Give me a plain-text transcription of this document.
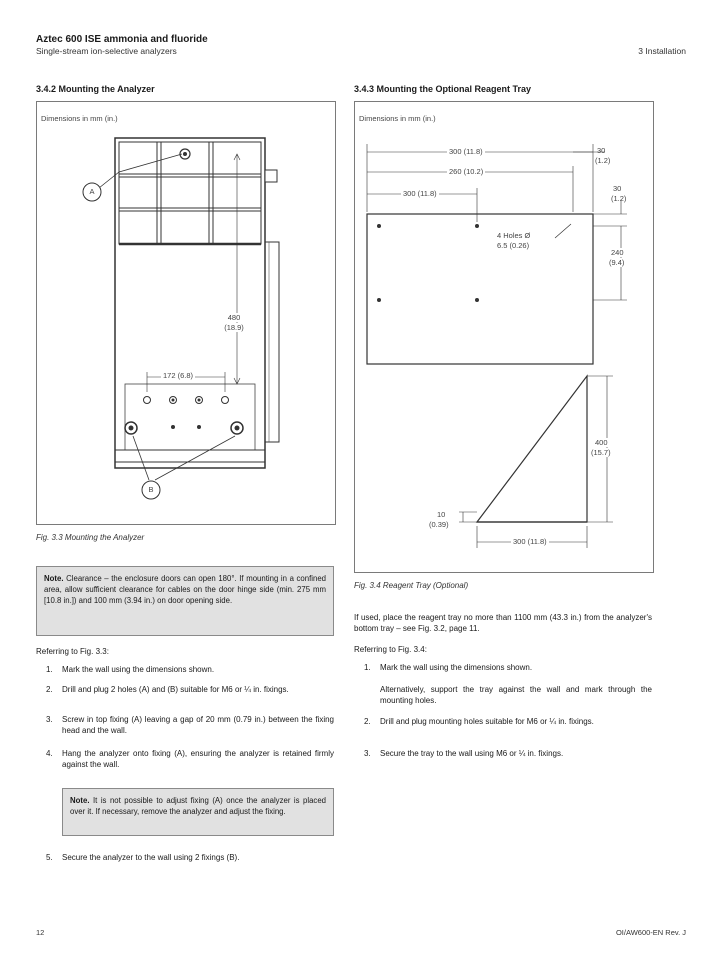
Aztec 600 ISE ammonia and fluoride
Single-stream ion-selective analyzers	3 Installation
3.4.2 Mounting the Analyzer
Dimensions in mm (in.)
A
B
480
(18.9)
172 (6.8)
Fig. 3.3 Mounting the Analyzer
Note. Clearance – the enclosure doors can open 180°. If mounting in a confined area, allow sufficient clearance for cables on the door hinge side (min. 275 mm [10.8 in.]) and 100 mm (3.94 in.) on door opening side.
Referring to Fig. 3.3:
1. Mark the wall using the dimensions shown.
2. Drill and plug 2 holes (A) and (B) suitable for M6 or ¼ in. fixings.
3. Screw in top fixing (A) leaving a gap of 20 mm (0.79 in.) between the fixing head and the wall.
4. Hang the analyzer onto fixing (A), ensuring the analyzer is retained firmly against the wall.
Note. It is not possible to adjust fixing (A) once the analyzer is placed over it. If necessary, remove the analyzer and adjust the fixing.
5. Secure the analyzer to the wall using 2 fixings (B).
3.4.3 Mounting the Optional Reagent Tray
Dimensions in mm (in.)
300 (11.8)
260 (10.2)
300 (11.8)
30
(1.2)
30
(1.2)
4 Holes Ø
6.5 (0.26)
240
(9.4)
400
(15.7)
10
(0.39)
300 (11.8)
Fig. 3.4 Reagent Tray (Optional)
If used, place the reagent tray no more than 1100 mm (43.3 in.) from the analyzer's bottom tray – see Fig. 3.2, page 11.
Referring to Fig. 3.4:
1. Mark the wall using the dimensions shown.
Alternatively, support the tray against the wall and mark through the mounting holes.
2. Drill and plug mounting holes suitable for M6 or ¼ in. fixings.
3. Secure the tray to the wall using M6 or ¼ in. fixings.
12	OI/AW600-EN Rev. J
